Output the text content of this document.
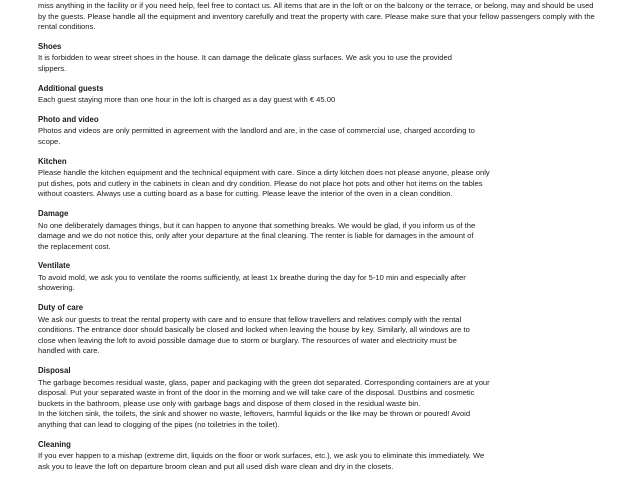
miss anything in the facility or if you need help, feel free to contact us. All items that are in the loft or on the balcony or the terrace, or belong, may and should be used by the guests. Please handle all the equipment and inventory carefully and treat the property with care. Please make sure that your fellow passengers comply with the rental conditions.

Shoes

It is forbidden to wear street shoes in the house. It can damage the delicate glass surfaces. We ask you to use the provided
slippers.

Additional guests

Each guest staying more than one hour in the loft is charged as a day guest with € 45.00

Photo and video

Photos and videos are only permitted in agreement with the landlord and are, in the case of commercial use, charged according to
scope.

Kitchen

Please handle the kitchen equipment and the technical equipment with care. Since a dirty kitchen does not please anyone, please only
put dishes, pots and cutlery in the cabinets in clean and dry condition. Please do not place hot pots and other hot items on the tables
without coasters. Always use a cutting board as a base for cutting. Please leave the interior of the oven in a clean condition.

Damage

No one deliberately damages things, but it can happen to anyone that something breaks. We would be glad, if you inform us of the
damage and we do not notice this, only after your departure at the final cleaning. The renter is liable for damages in the amount of
the replacement cost.

Ventilate

To avoid mold, we ask you to ventilate the rooms sufficiently, at least 1x breathe during the day for 5-10 min and especially after
showering.

Duty of care

We ask our guests to treat the rental property with care and to ensure that fellow travellers and relatives comply with the rental
conditions. The entrance door should basically be closed and locked when leaving the house by key. Similarly, all windows are to
close when leaving the loft to avoid possible damage due to storm or burglary. The resources of water and electricity must be
handled with care.

Disposal

The garbage becomes residual waste, glass, paper and packaging with the green dot separated. Corresponding containers are at your
disposal. Put your separated waste in front of the door in the morning and we will take care of the disposal. Dustbins and cosmetic
buckets in the bathroom, please use only with garbage bags and dispose of them closed in the residual waste bin.
In the kitchen sink, the toilets, the sink and shower no waste, leftovers, harmful liquids or the like may be thrown or poured! Avoid
anything that can lead to clogging of the pipes (no toiletries in the toilet).

Cleaning

If you ever happen to a mishap (extreme dirt, liquids on the floor or work surfaces, etc.), we ask you to eliminate this immediately. We
ask you to leave the loft on departure broom clean and put all used dish ware clean and dry in the closets.
